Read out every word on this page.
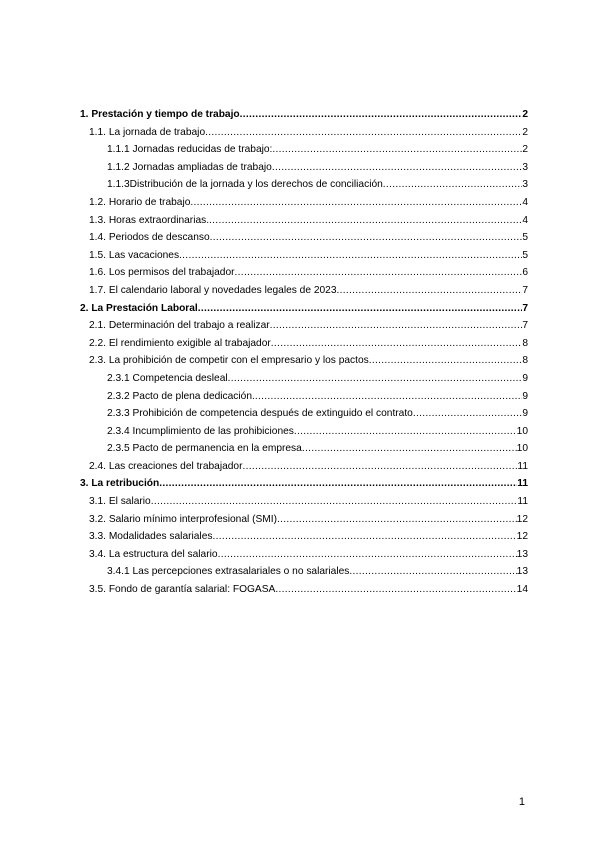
1. Prestación y tiempo de trabajo .....	2
1.1. La jornada de trabajo .....	2
1.1.1 Jornadas reducidas de trabajo: .....	2
1.1.2 Jornadas ampliadas de trabajo .....	3
1.1.3Distribución de la jornada y los derechos de conciliación .....	3
1.2. Horario de trabajo .....	4
1.3. Horas extraordinarias. .....	4
1.4. Periodos de descanso .....	5
1.5. Las vacaciones .....	5
1.6. Los permisos del trabajador .....	6
1.7. El calendario laboral y novedades legales de 2023 .....	7
2. La Prestación Laboral .....	7
2.1. Determinación del trabajo a realizar .....	7
2.2. El rendimiento exigible al trabajador .....	8
2.3. La prohibición de competir con el empresario y los pactos .....	8
2.3.1 Competencia desleal .....	9
2.3.2 Pacto de plena dedicación. .....	9
2.3.3 Prohibición de competencia después de extinguido el contrato .....	9
2.3.4 Incumplimiento de las prohibiciones .....	10
2.3.5 Pacto de permanencia en la empresa .....	10
2.4. Las creaciones del trabajador .....	11
3. La retribución .....	11
3.1. El salario .....	11
3.2. Salario mínimo interprofesional (SMI) .....	12
3.3. Modalidades salariales .....	12
3.4. La estructura del salario .....	13
3.4.1 Las percepciones extrasalariales o no salariales .....	13
3.5. Fondo de garantía salarial: FOGASA .....	14
1
